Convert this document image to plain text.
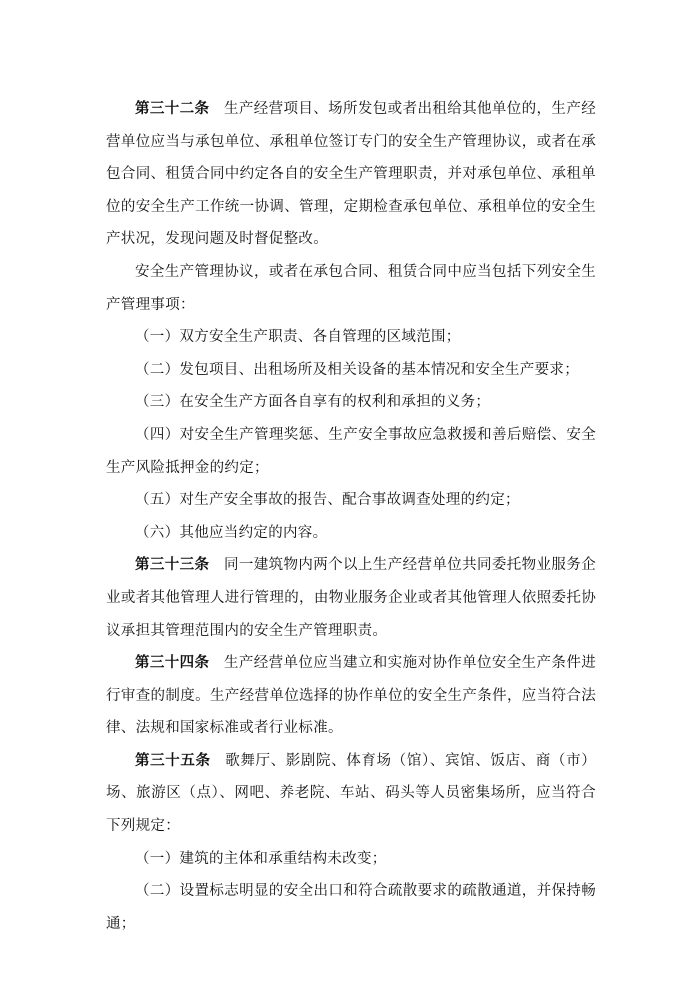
第三十二条 生产经营项目、场所发包或者出租给其他单位的，生产经营单位应当与承包单位、承租单位签订专门的安全生产管理协议，或者在承包合同、租赁合同中约定各自的安全生产管理职责，并对承包单位、承租单位的安全生产工作统一协调、管理，定期检查承包单位、承租单位的安全生产状况，发现问题及时督促整改。

安全生产管理协议，或者在承包合同、租赁合同中应当包括下列安全生产管理事项：

（一）双方安全生产职责、各自管理的区域范围；

（二）发包项目、出租场所及相关设备的基本情况和安全生产要求；

（三）在安全生产方面各自享有的权利和承担的义务；

（四）对安全生产管理奖惩、生产安全事故应急救援和善后赔偿、安全生产风险抵押金的约定；

（五）对生产安全事故的报告、配合事故调查处理的约定；

（六）其他应当约定的内容。

第三十三条 同一建筑物内两个以上生产经营单位共同委托物业服务企业或者其他管理人进行管理的，由物业服务企业或者其他管理人依照委托协议承担其管理范围内的安全生产管理职责。

第三十四条 生产经营单位应当建立和实施对协作单位安全生产条件进行审查的制度。生产经营单位选择的协作单位的安全生产条件，应当符合法律、法规和国家标准或者行业标准。

第三十五条 歌舞厅、影剧院、体育场（馆）、宾馆、饭店、商（市）场、旅游区（点）、网吧、养老院、车站、码头等人员密集场所，应当符合下列规定：

（一）建筑的主体和承重结构未改变；

（二）设置标志明显的安全出口和符合疏散要求的疏散通道，并保持畅通；
